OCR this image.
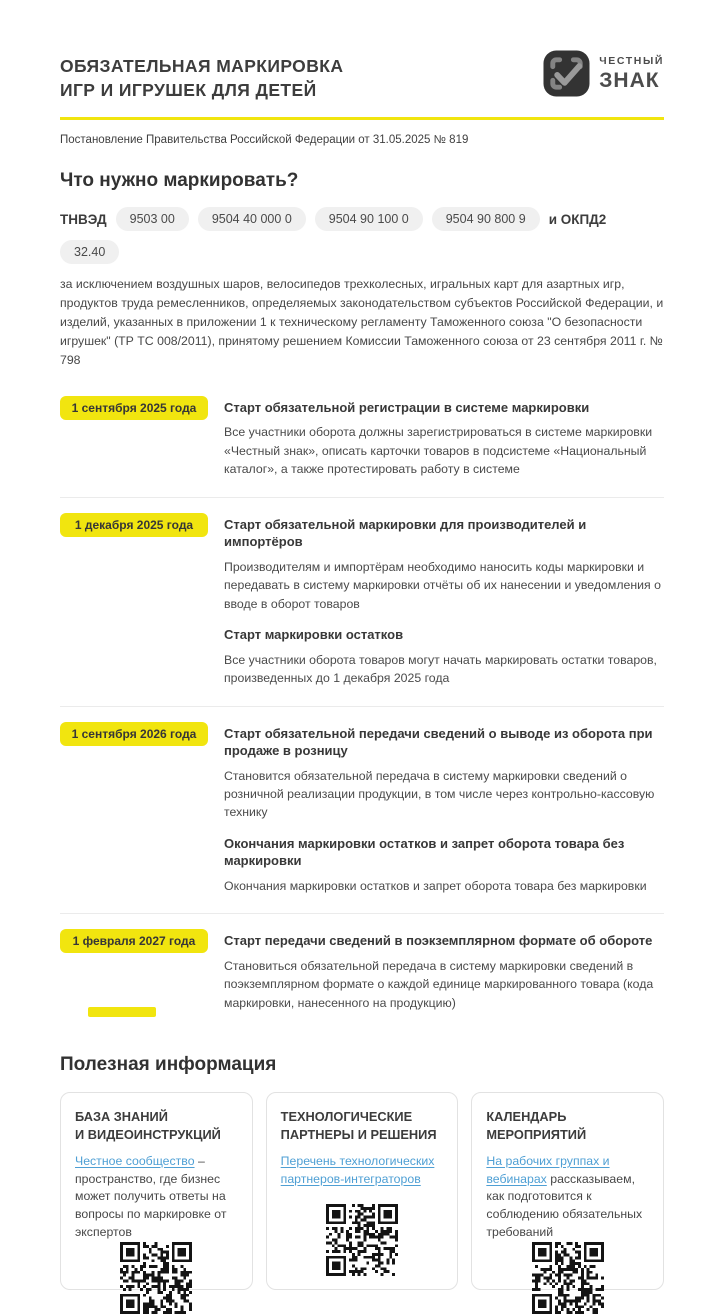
ОБЯЗАТЕЛЬНАЯ МАРКИРОВКА
ИГР И ИГРУШЕК ДЛЯ ДЕТЕЙ
ЧЕСТНЫЙ
ЗНАК
Постановление Правительства Российской Федерации от 31.05.2025 № 819
Что нужно маркировать?
ТНВЭД	9503 00	9504 40 000 0	9504 90 100 0	9504 90 800 9	и ОКПД2
32.40

за исключением воздушных шаров, велосипедов трехколесных, игральных карт для азартных игр, продуктов труда ремесленников, определяемых законодательством субъектов Российской Федерации, и изделий, указанных в приложении 1 к техническому регламенту Таможенного союза "О безопасности игрушек" (ТР ТС 008/2011), принятому решением Комиссии Таможенного союза от 23 сентября 2011 г. № 798

1 сентября 2025 года	Старт обязательной регистрации в системе маркировки
Все участники оборота должны зарегистрироваться в системе маркировки «Честный знак», описать карточки товаров в подсистеме «Национальный каталог», а также протестировать работу в системе
1 декабря 2025 года	Старт обязательной маркировки для производителей и импортёров
Производителям и импортёрам необходимо наносить коды маркировки и передавать в систему маркировки отчёты об их нанесении и уведомления о вводе в оборот товаров
Старт маркировки остатков
Все участники оборота товаров могут начать маркировать остатки товаров, произведенных до 1 декабря 2025 года
1 сентября 2026 года	Старт обязательной передачи сведений о выводе из оборота при продаже в розницу
Становится обязательной передача в систему маркировки сведений о розничной реализации продукции, в том числе через контрольно-кассовую технику
Окончания маркировки остатков и запрет оборота товара без маркировки
Окончания маркировки остатков и запрет оборота товара без маркировки
1 февраля 2027 года	Старт передачи сведений в поэкземплярном формате об обороте
Становиться обязательной передача в систему маркировки сведений в поэкземплярном формате о каждой единице маркированного товара (кода маркировки, нанесенного на продукцию)
Полезная информация
БАЗА ЗНАНИЙ
И ВИДЕОИНСТРУКЦИЙ
Честное сообщество – пространство, где бизнес может получить ответы на вопросы по маркировке от экспертов
ТЕХНОЛОГИЧЕСКИЕ
ПАРТНЕРЫ И РЕШЕНИЯ
Перечень технологических партнеров-интеграторов
КАЛЕНДАРЬ
МЕРОПРИЯТИЙ
На рабочих группах и вебинарах рассказываем, как подготовится к соблюдению обязательных требований
